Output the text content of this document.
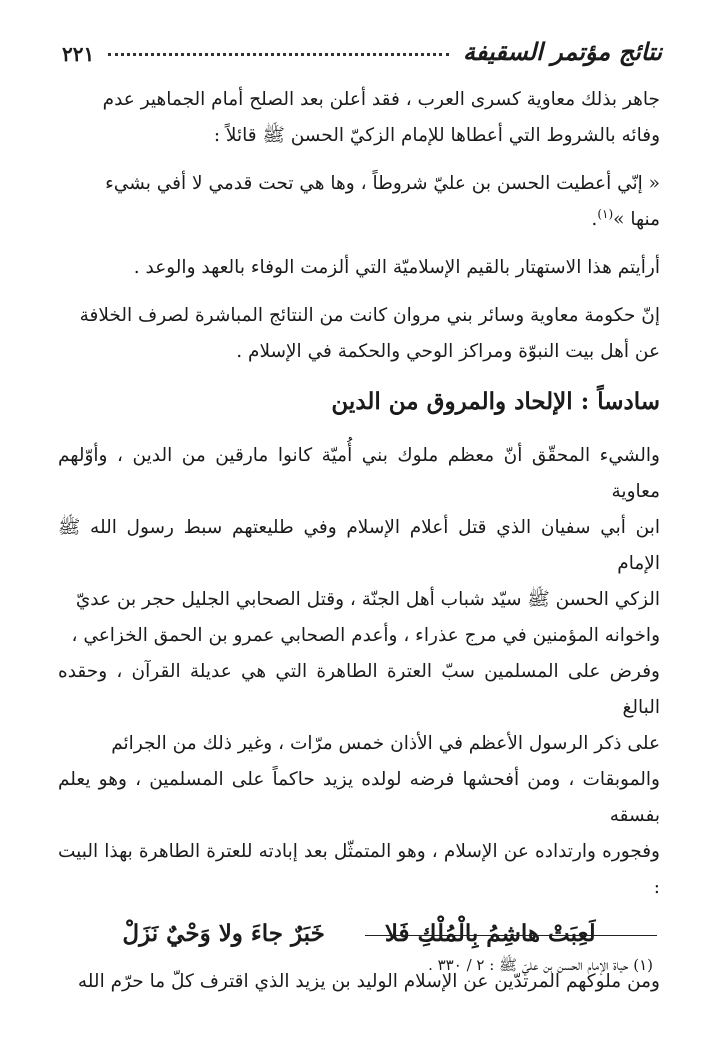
نتائج مؤتمر السقيفة
٢٢١

جاهر بذلك معاوية كسرى العرب ، فقد أعلن بعد الصلح أمام الجماهير عدم

وفائه بالشروط التي أعطاها للإمام الزكيّ الحسن ﷺ قائلاً :

« إنّي أعطيت الحسن بن عليّ شروطاً ، وها هي تحت قدمي لا أفي بشيء

منها »$^{(١)}$.

أرأيتم هذا الاستهتار بالقيم الإسلاميّة التي ألزمت الوفاء بالعهد والوعد .

إنّ حكومة معاوية وسائر بني مروان كانت من النتائج المباشرة لصرف الخلافة

عن أهل بيت النبوّة ومراكز الوحي والحكمة في الإسلام .

سادساً : الإلحاد والمروق من الدين

والشيء المحقّق أنّ معظم ملوك بني أُميّة كانوا مارقين من الدين ، وأوّلهم معاوية

ابن أبي سفيان الذي قتل أعلام الإسلام وفي طليعتهم سبط رسول الله ﷺ الإمام

الزكي الحسن ﷺ سيّد شباب أهل الجنّة ، وقتل الصحابي الجليل حجر بن عديّ

واخوانه المؤمنين في مرج عذراء ، وأعدم الصحابي عمرو بن الحمق الخزاعي ،

وفرض على المسلمين سبّ العترة الطاهرة التي هي عديلة القرآن ، وحقده البالغ

على ذكر الرسول الأعظم في الأذان خمس مرّات ، وغير ذلك من الجرائم

والموبقات ، ومن أفحشها فرضه لولده يزيد حاكماً على المسلمين ، وهو يعلم بفسقه

وفجوره وارتداده عن الإسلام ، وهو المتمثّل بعد إبادته للعترة الطاهرة بهذا البيت :

لَعِبَتْ هاشِمُ بِالْمُلْكِ فَلا
خَبَرٌ جاءَ ولا وَحْيٌ نَزَلْ

ومن ملوكهم المرتدّين عن الإسلام الوليد بن يزيد الذي اقترف كلّ ما حرّم الله

(١) حياة الإمام الحسن بن عليّ ﷺ : ٢ / ٣٣٠ .
